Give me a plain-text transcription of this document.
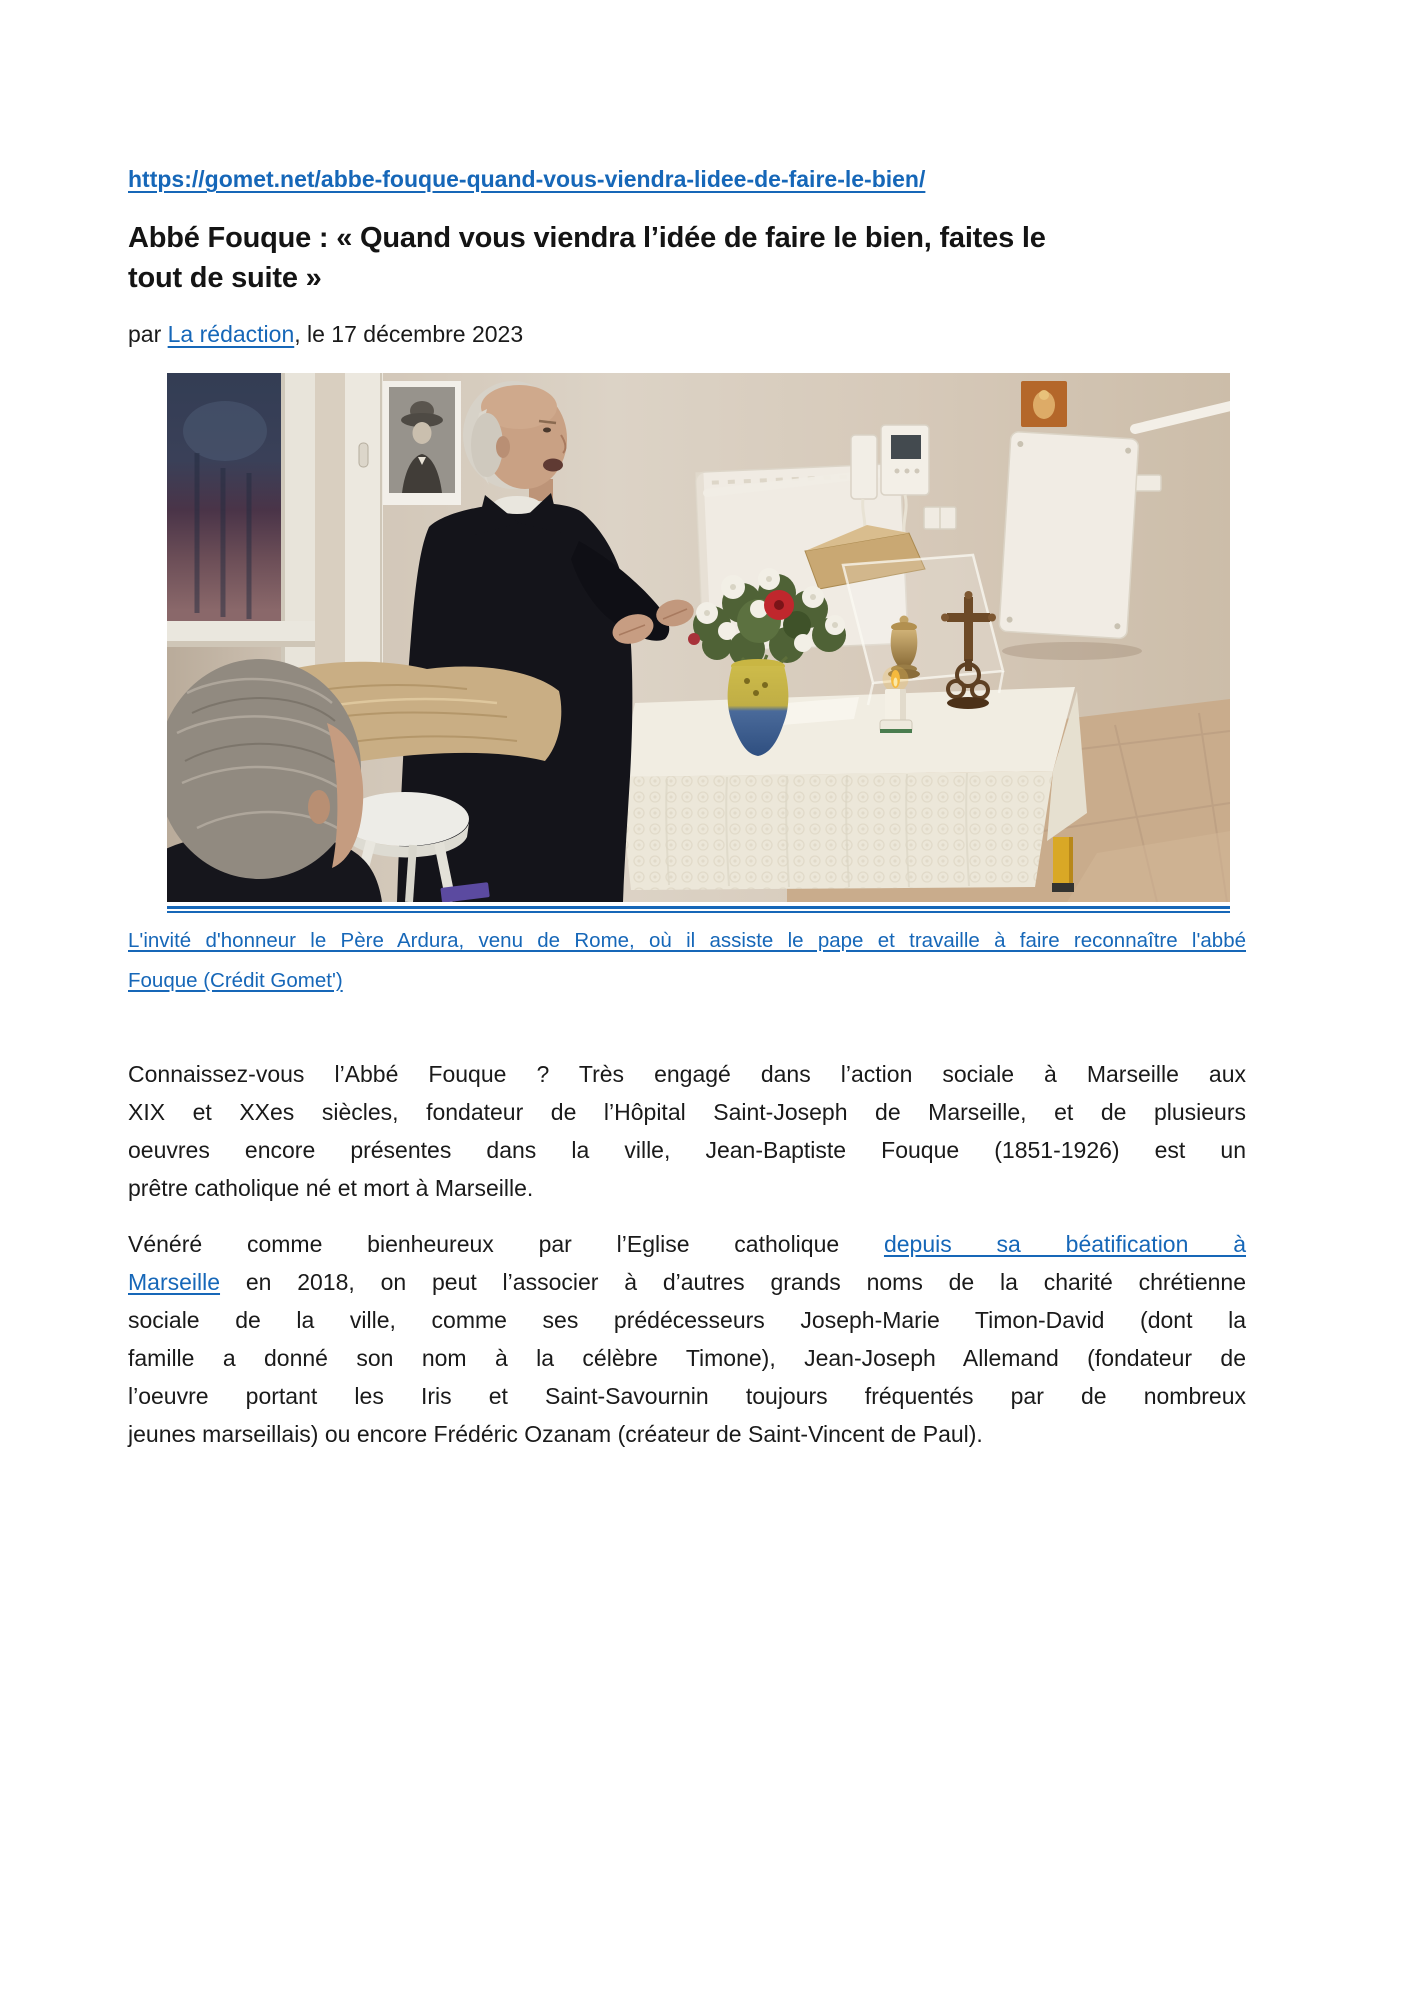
https://gomet.net/abbe-fouque-quand-vous-viendra-lidee-de-faire-le-bien/
Abbé Fouque : « Quand vous viendra l’idée de faire le bien, faites le
tout de suite »
par La rédaction, le 17 décembre 2023
L'invité d'honneur le Père Ardura, venu de Rome, où il assiste le pape et travaille à faire reconnaître l'abbé
Fouque (Crédit Gomet')
Connaissez-vous l’Abbé Fouque ? Très engagé dans l’action sociale à Marseille aux
XIX et XXes siècles, fondateur de l’Hôpital Saint-Joseph de Marseille, et de plusieurs
oeuvres encore présentes dans la ville, Jean-Baptiste Fouque (1851-1926) est un
prêtre catholique né et mort à Marseille.
Vénéré comme bienheureux par l’Eglise catholique depuis sa béatification à
Marseille en 2018, on peut l’associer à d’autres grands noms de la charité chrétienne
sociale de la ville, comme ses prédécesseurs Joseph-Marie Timon-David (dont la
famille a donné son nom à la célèbre Timone), Jean-Joseph Allemand (fondateur de
l’oeuvre portant les Iris et Saint-Savournin toujours fréquentés par de nombreux
jeunes marseillais) ou encore Frédéric Ozanam (créateur de Saint-Vincent de Paul).
